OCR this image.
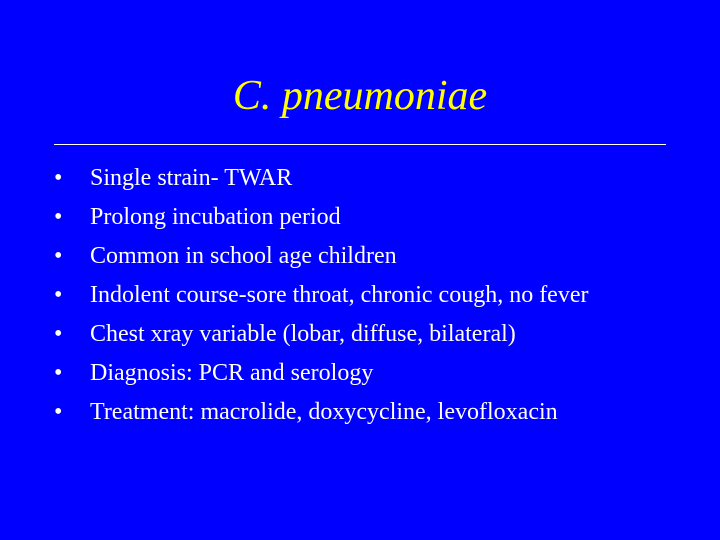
C. pneumoniae
•	Single strain- TWAR
•	Prolong incubation period
•	Common in school age children
•	Indolent course-sore throat, chronic cough, no fever
•	Chest xray variable (lobar, diffuse, bilateral)
•	Diagnosis: PCR and serology
•	Treatment: macrolide, doxycycline, levofloxacin
